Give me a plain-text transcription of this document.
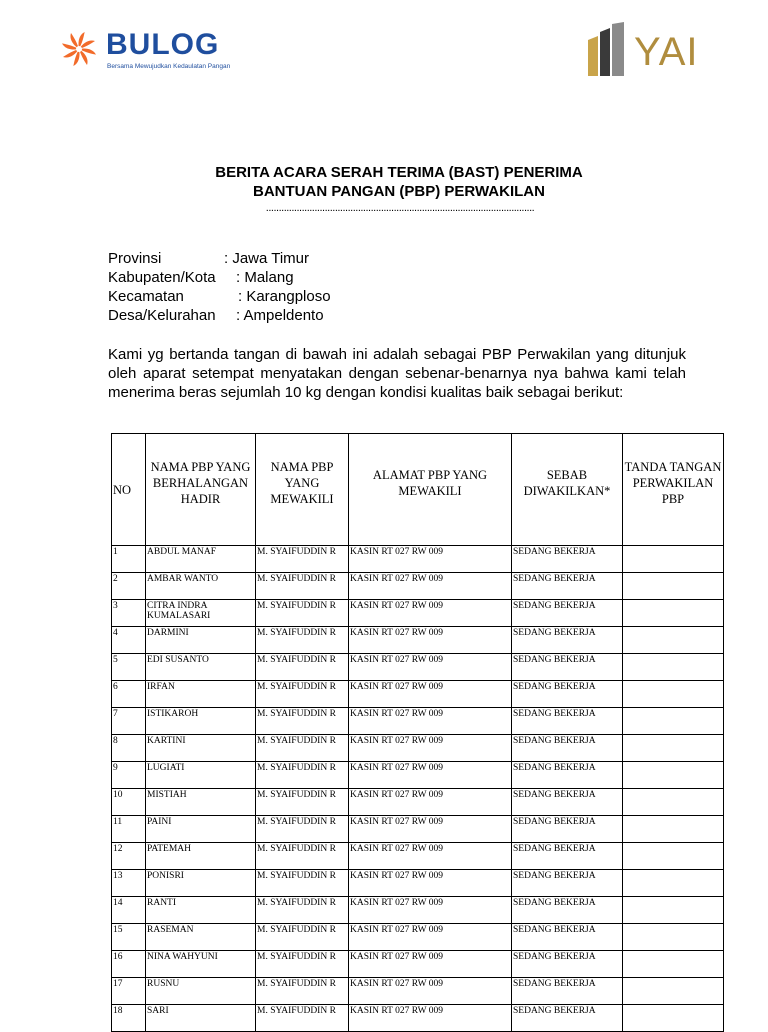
BULOG
Bersama Mewujudkan Kedaulatan Pangan	YAI
BERITA ACARA SERAH TERIMA (BAST) PENERIMA
BANTUAN PANGAN (PBP) PERWAKILAN
.........................................................................................................
Provinsi	: Jawa Timur
Kabupaten/Kota : Malang
Kecamatan	: Karangploso
Desa/Kelurahan : Ampeldento

Kami yg bertanda tangan di bawah ini adalah sebagai PBP Perwakilan yang ditunjuk oleh aparat setempat menyatakan dengan sebenar-benarnya nya bahwa kami telah menerima beras sejumlah 10 kg dengan kondisi kualitas baik sebagai berikut:

NO	NAMA PBP YANG BERHALANGAN HADIR	NAMA PBP YANG MEWAKILI	ALAMAT PBP YANG MEWAKILI	SEBAB DIWAKILKAN*	TANDA TANGAN PERWAKILAN PBP
1	ABDUL MANAF	M. SYAIFUDDIN R	KASIN RT 027 RW 009	SEDANG BEKERJA	
2	AMBAR WANTO	M. SYAIFUDDIN R	KASIN RT 027 RW 009	SEDANG BEKERJA	
3	CITRA INDRA KUMALASARI	M. SYAIFUDDIN R	KASIN RT 027 RW 009	SEDANG BEKERJA	
4	DARMINI	M. SYAIFUDDIN R	KASIN RT 027 RW 009	SEDANG BEKERJA	
5	EDI SUSANTO	M. SYAIFUDDIN R	KASIN RT 027 RW 009	SEDANG BEKERJA	
6	IRFAN	M. SYAIFUDDIN R	KASIN RT 027 RW 009	SEDANG BEKERJA	
7	ISTIKAROH	M. SYAIFUDDIN R	KASIN RT 027 RW 009	SEDANG BEKERJA	
8	KARTINI	M. SYAIFUDDIN R	KASIN RT 027 RW 009	SEDANG BEKERJA	
9	LUGIATI	M. SYAIFUDDIN R	KASIN RT 027 RW 009	SEDANG BEKERJA	
10	MISTIAH	M. SYAIFUDDIN R	KASIN RT 027 RW 009	SEDANG BEKERJA	
11	PAINI	M. SYAIFUDDIN R	KASIN RT 027 RW 009	SEDANG BEKERJA	
12	PATEMAH	M. SYAIFUDDIN R	KASIN RT 027 RW 009	SEDANG BEKERJA	
13	PONISRI	M. SYAIFUDDIN R	KASIN RT 027 RW 009	SEDANG BEKERJA	
14	RANTI	M. SYAIFUDDIN R	KASIN RT 027 RW 009	SEDANG BEKERJA	
15	RASEMAN	M. SYAIFUDDIN R	KASIN RT 027 RW 009	SEDANG BEKERJA	
16	NINA WAHYUNI	M. SYAIFUDDIN R	KASIN RT 027 RW 009	SEDANG BEKERJA	
17	RUSNU	M. SYAIFUDDIN R	KASIN RT 027 RW 009	SEDANG BEKERJA	
18	SARI	M. SYAIFUDDIN R	KASIN RT 027 RW 009	SEDANG BEKERJA	
